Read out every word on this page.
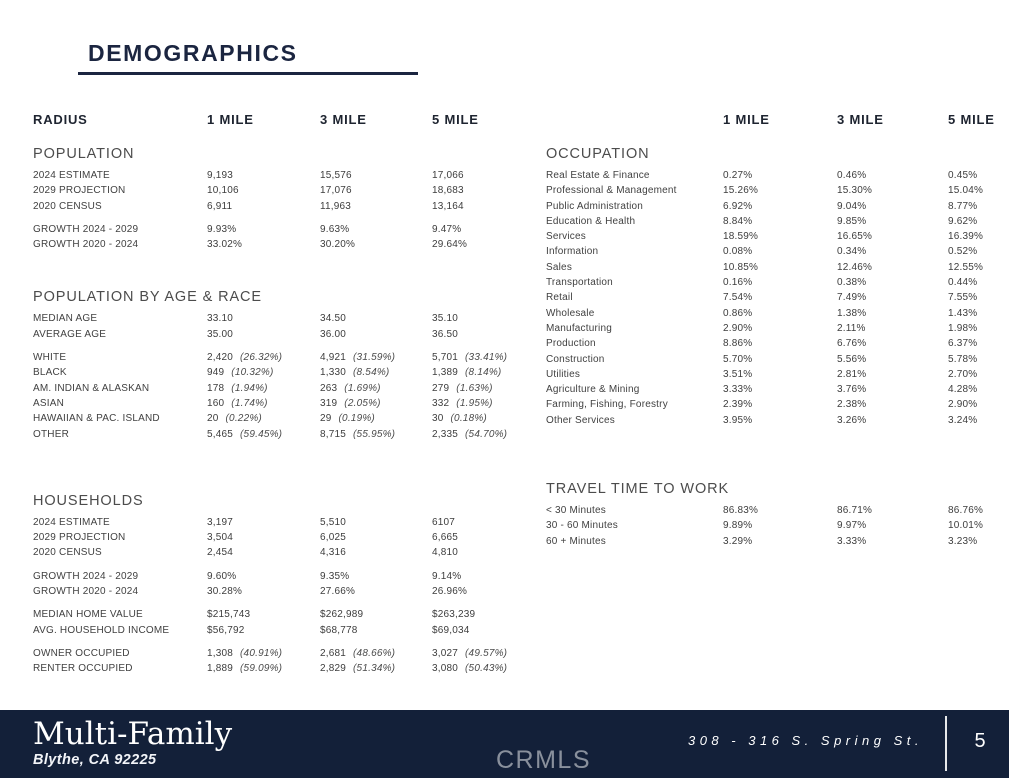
DEMOGRAPHICS
RADIUS	1 MILE	3 MILE	5 MILE
POPULATION
2024 ESTIMATE	9,193	15,576	17,066
2029 PROJECTION	10,106	17,076	18,683
2020 CENSUS	6,911	11,963	13,164
GROWTH 2024 - 2029	9.93%	9.63%	9.47%
GROWTH 2020 - 2024	33.02%	30.20%	29.64%
POPULATION BY AGE & RACE
MEDIAN AGE	33.10	34.50	35.10
AVERAGE AGE	35.00	36.00	36.50
WHITE	2,420 (26.32%)	4,921 (31.59%)	5,701 (33.41%)
BLACK	949 (10.32%)	1,330 (8.54%)	1,389 (8.14%)
AM. INDIAN & ALASKAN	178 (1.94%)	263 (1.69%)	279 (1.63%)
ASIAN	160 (1.74%)	319 (2.05%)	332 (1.95%)
HAWAIIAN & PAC. ISLAND	20 (0.22%)	29 (0.19%)	30 (0.18%)
OTHER	5,465 (59.45%)	8,715 (55.95%)	2,335 (54.70%)
HOUSEHOLDS
2024 ESTIMATE	3,197	5,510	6107
2029 PROJECTION	3,504	6,025	6,665
2020 CENSUS	2,454	4,316	4,810
GROWTH 2024 - 2029	9.60%	9.35%	9.14%
GROWTH 2020 - 2024	30.28%	27.66%	26.96%
MEDIAN HOME VALUE	$215,743	$262,989	$263,239
AVG. HOUSEHOLD INCOME	$56,792	$68,778	$69,034
OWNER OCCUPIED	1,308 (40.91%)	2,681 (48.66%)	3,027 (49.57%)
RENTER OCCUPIED	1,889 (59.09%)	2,829 (51.34%)	3,080 (50.43%)
1 MILE	3 MILE	5 MILE
OCCUPATION
Real Estate & Finance	0.27%	0.46%	0.45%
Professional & Management	15.26%	15.30%	15.04%
Public Administration	6.92%	9.04%	8.77%
Education & Health	8.84%	9.85%	9.62%
Services	18.59%	16.65%	16.39%
Information	0.08%	0.34%	0.52%
Sales	10.85%	12.46%	12.55%
Transportation	0.16%	0.38%	0.44%
Retail	7.54%	7.49%	7.55%
Wholesale	0.86%	1.38%	1.43%
Manufacturing	2.90%	2.11%	1.98%
Production	8.86%	6.76%	6.37%
Construction	5.70%	5.56%	5.78%
Utilities	3.51%	2.81%	2.70%
Agriculture & Mining	3.33%	3.76%	4.28%
Farming, Fishing, Forestry	2.39%	2.38%	2.90%
Other Services	3.95%	3.26%	3.24%
TRAVEL TIME TO WORK
< 30 Minutes	86.83%	86.71%	86.76%
30 - 60 Minutes	9.89%	9.97%	10.01%
60 + Minutes	3.29%	3.33%	3.23%
Multi-Family
Blythe, CA 92225
308 - 316 S. Spring St.	5
CRMLS
